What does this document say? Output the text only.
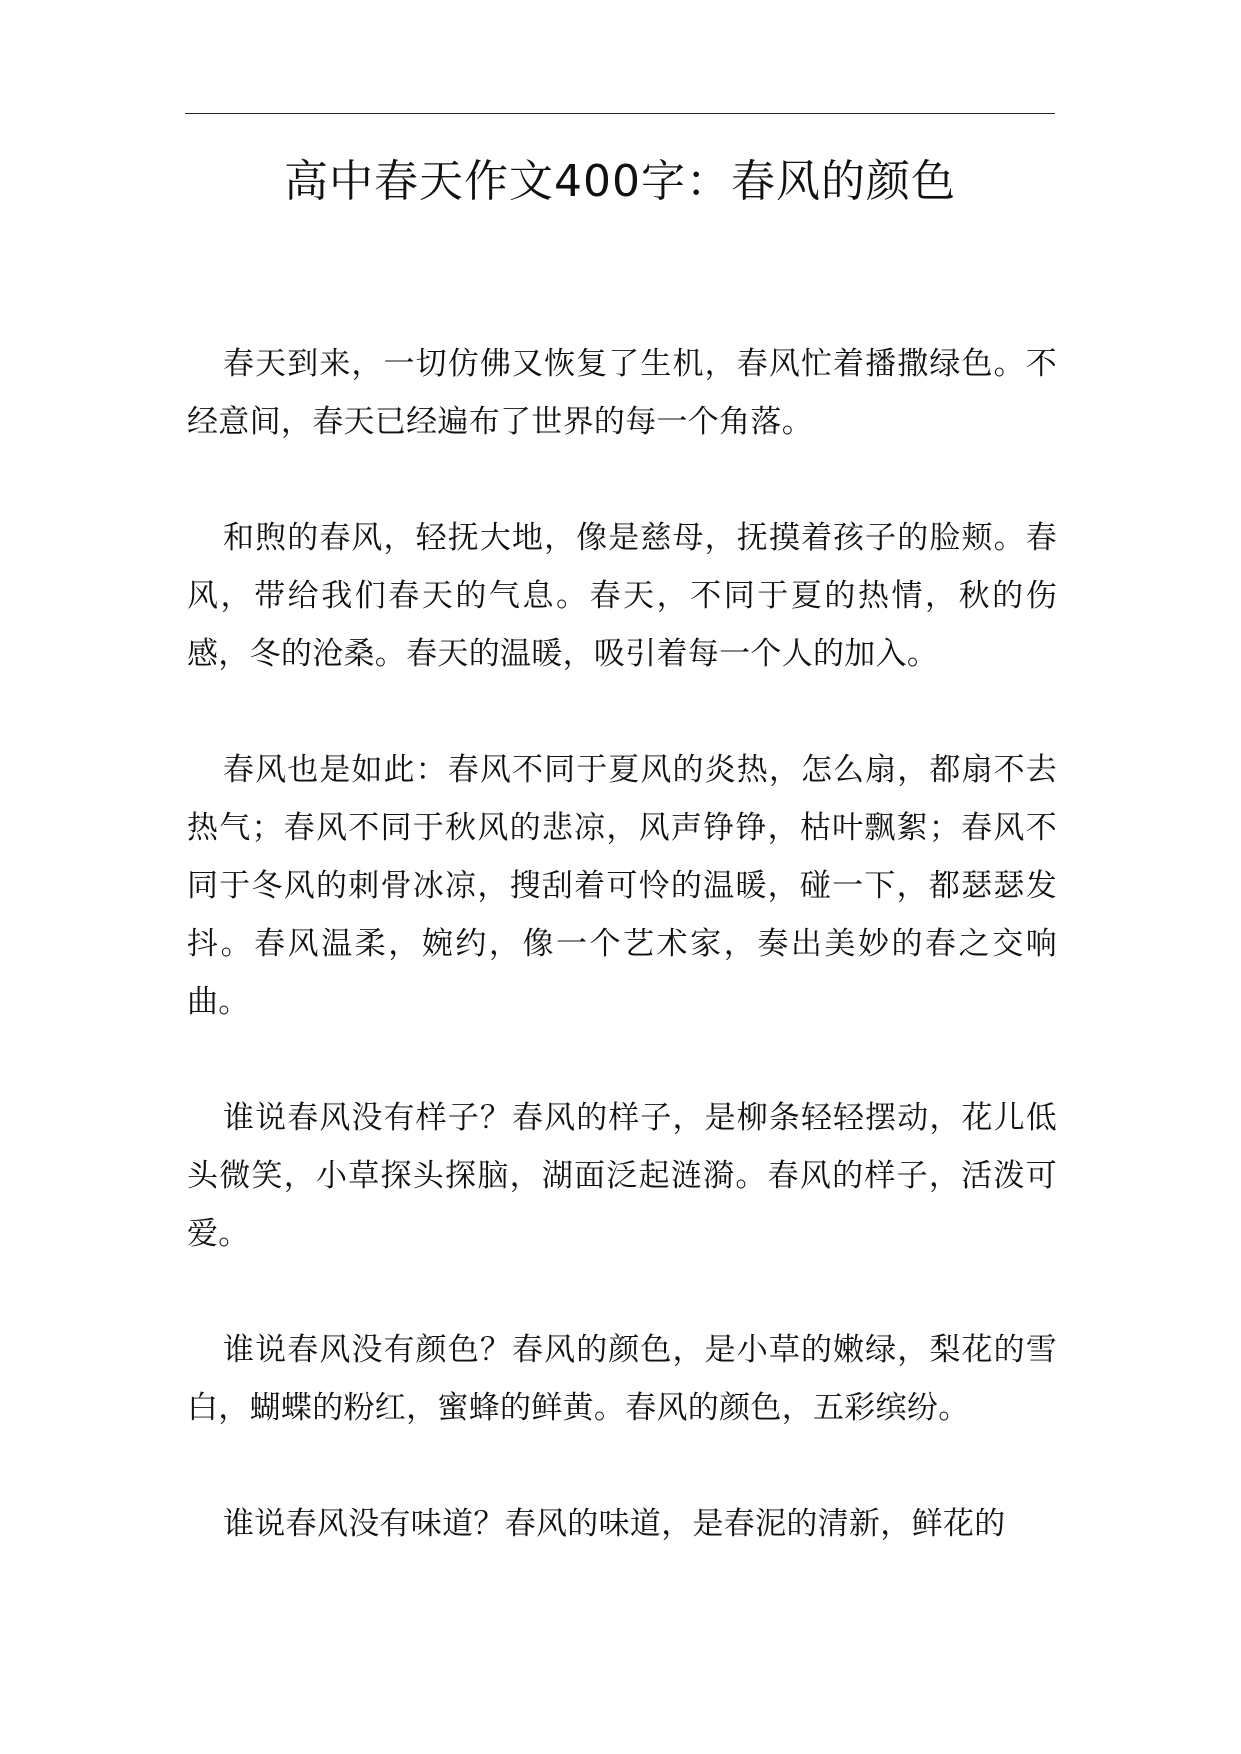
高中春天作文400字：春风的颜色

春天到来，一切仿佛又恢复了生机，春风忙着播撒绿色。不经意间，春天已经遍布了世界的每一个角落。

和煦的春风，轻抚大地，像是慈母，抚摸着孩子的脸颊。春风，带给我们春天的气息。春天，不同于夏的热情，秋的伤感，冬的沧桑。春天的温暖，吸引着每一个人的加入。

春风也是如此：春风不同于夏风的炎热，怎么扇，都扇不去热气；春风不同于秋风的悲凉，风声铮铮，枯叶飘絮；春风不同于冬风的刺骨冰凉，搜刮着可怜的温暖，碰一下，都瑟瑟发抖。春风温柔，婉约，像一个艺术家，奏出美妙的春之交响曲。

谁说春风没有样子？春风的样子，是柳条轻轻摆动，花儿低头微笑，小草探头探脑，湖面泛起涟漪。春风的样子，活泼可爱。

谁说春风没有颜色？春风的颜色，是小草的嫩绿，梨花的雪白，蝴蝶的粉红，蜜蜂的鲜黄。春风的颜色，五彩缤纷。

谁说春风没有味道？春风的味道，是春泥的清新，鲜花的
